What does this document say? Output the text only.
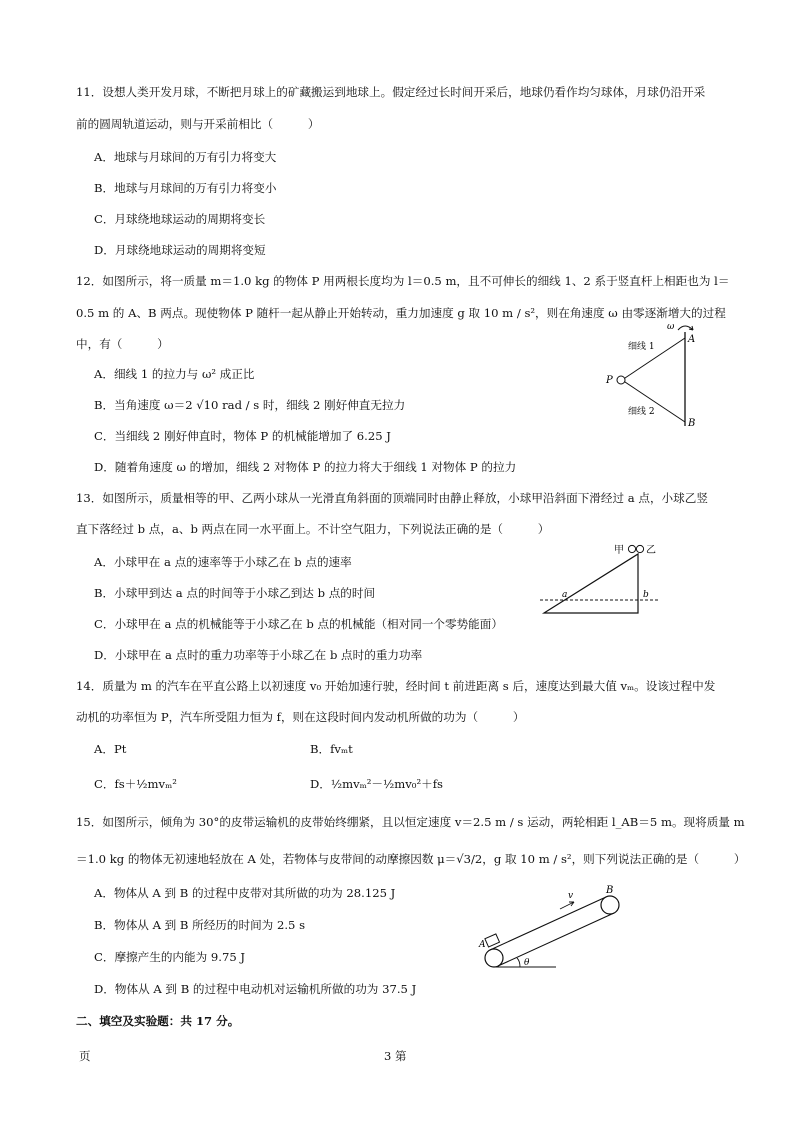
11．设想人类开发月球，不断把月球上的矿藏搬运到地球上。假定经过长时间开采后，地球仍看作均匀球体，月球仍沿开采
前的圆周轨道运动，则与开采前相比（　　　）
A．地球与月球间的万有引力将变大
B．地球与月球间的万有引力将变小
C．月球绕地球运动的周期将变长
D．月球绕地球运动的周期将变短
12．如图所示，将一质量 m＝1.0 kg 的物体 P 用两根长度均为 l＝0.5 m，且不可伸长的细线 1、2 系于竖直杆上相距也为 l＝
0.5 m 的 A、B 两点。现使物体 P 随杆一起从静止开始转动，重力加速度 g 取 10 m / s²，则在角速度 ω 由零逐渐增大的过程
中，有（　　　）
A．细线 1 的拉力与 ω² 成正比
B．当角速度 ω＝2 √10 rad / s 时，细线 2 刚好伸直无拉力
C．当细线 2 刚好伸直时，物体 P 的机械能增加了 6.25 J
D．随着角速度 ω 的增加，细线 2 对物体 P 的拉力将大于细线 1 对物体 P 的拉力
ω
A
B
P
细线 1
细线 2
13．如图所示，质量相等的甲、乙两小球从一光滑直角斜面的顶端同时由静止释放，小球甲沿斜面下滑经过 a 点，小球乙竖
直下落经过 b 点，a、b 两点在同一水平面上。不计空气阻力，下列说法正确的是（　　　）
A．小球甲在 a 点的速率等于小球乙在 b 点的速率
B．小球甲到达 a 点的时间等于小球乙到达 b 点的时间
C．小球甲在 a 点的机械能等于小球乙在 b 点的机械能（相对同一个零势能面）
D．小球甲在 a 点时的重力功率等于小球乙在 b 点时的重力功率
甲 乙
a	b
14．质量为 m 的汽车在平直公路上以初速度 v₀ 开始加速行驶，经时间 t 前进距离 s 后，速度达到最大值 vₘ。设该过程中发
动机的功率恒为 P，汽车所受阻力恒为 f，则在这段时间内发动机所做的功为（　　　）
A．Pt	B．fvₘt
C．fs＋½mvₘ²	D．½mvₘ²－½mv₀²＋fs
15．如图所示，倾角为 30°的皮带运输机的皮带始终绷紧，且以恒定速度 v＝2.5 m / s 运动，两轮相距 l_AB＝5 m。现将质量 m
＝1.0 kg 的物体无初速地轻放在 A 处，若物体与皮带间的动摩擦因数 μ＝√3/2，g 取 10 m / s²，则下列说法正确的是（　　　）
A．物体从 A 到 B 的过程中皮带对其所做的功为 28.125 J
B．物体从 A 到 B 所经历的时间为 2.5 s
C．摩擦产生的内能为 9.75 J
D．物体从 A 到 B 的过程中电动机对运输机所做的功为 37.5 J
v	B
A
θ
二、填空及实验题：共 17 分。
页	3 第
